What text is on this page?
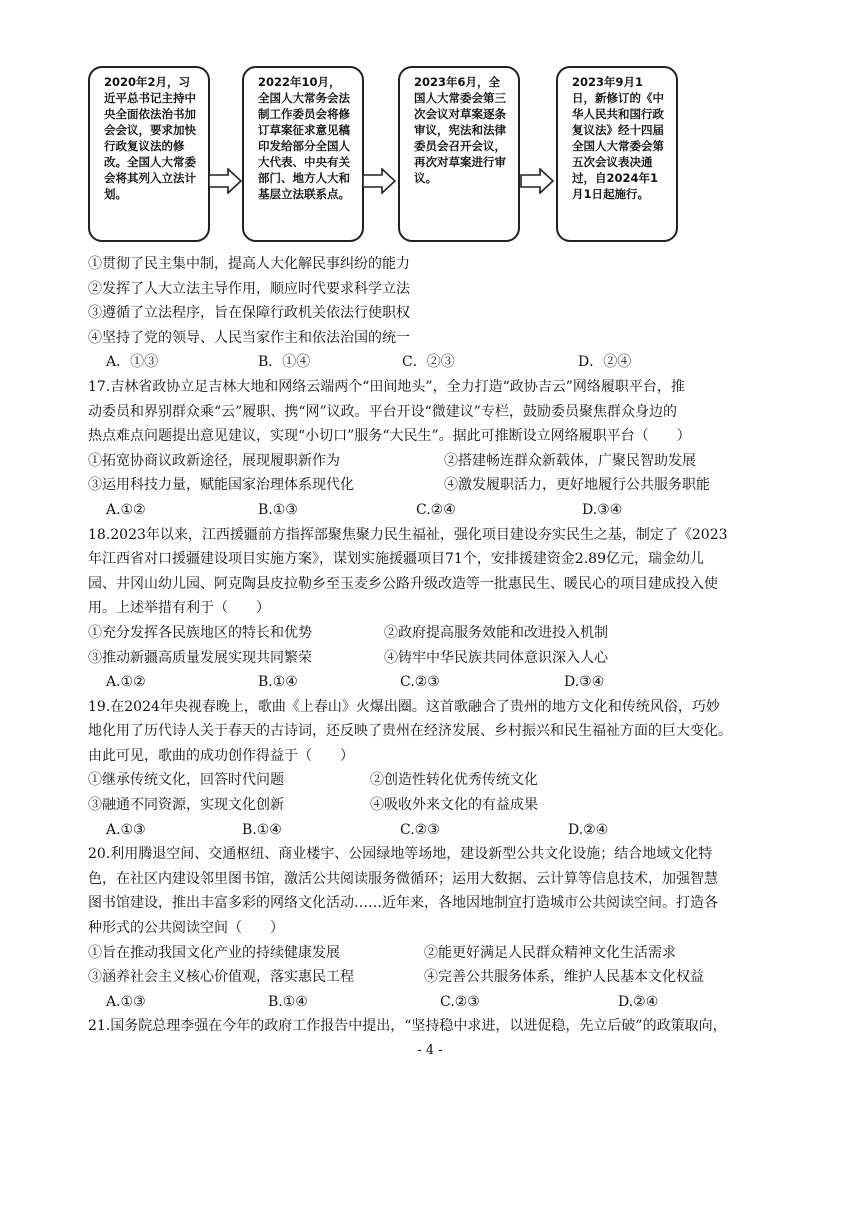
2020年2月，习近平总书记主持中央全面依法治书加会会议，要求加快行政复议法的修改。全国人大常委会将其列入立法计划。
2022年10月，全国人大常务会法制工作委员会将修订草案征求意见稿印发给部分全国人大代表、中央有关部门、地方人大和基层立法联系点。
2023年6月，全国人大常委会第三次会议对草案逐条审议，宪法和法律委员会召开会议，再次对草案进行审议。
2023年9月1日，新修订的《中华人民共和国行政复议法》经十四届全国人大常委会第五次会议表决通过，自2024年1月1日起施行。
①贯彻了民主集中制，提高人大化解民事纠纷的能力
②发挥了人大立法主导作用，顺应时代要求科学立法
③遵循了立法程序，旨在保障行政机关依法行使职权
④坚持了党的领导、人民当家作主和依法治国的统一
A．①③	B．①④	C．②③	D．②④
17.吉林省政协立足吉林大地和网络云端两个“田间地头”，全力打造“政协吉云”网络履职平台，推
动委员和界别群众乘“云”履职、携“网”议政。平台开设“微建议”专栏，鼓励委员聚焦群众身边的
热点难点问题提出意见建议，实现“小切口”服务“大民生”。据此可推断设立网络履职平台（　　）
①拓宽协商议政新途径，展现履职新作为	②搭建畅连群众新载体，广聚民智助发展
③运用科技力量，赋能国家治理体系现代化	④激发履职活力，更好地履行公共服务职能
A.①②	B.①③	C.②④	D.③④
18.2023年以来，江西援疆前方指挥部聚焦聚力民生福祉，强化项目建设夯实民生之基，制定了《2023
年江西省对口援疆建设项目实施方案》，谋划实施援疆项目71个，安排援建资金2.89亿元，瑞金幼儿
园、井冈山幼儿园、阿克陶县皮拉勒乡至玉麦乡公路升级改造等一批惠民生、暖民心的项目建成投入使
用。上述举措有利于（　　）
①充分发挥各民族地区的特长和优势	②政府提高服务效能和改进投入机制
③推动新疆高质量发展实现共同繁荣	④铸牢中华民族共同体意识深入人心
A.①②	B.①④	C.②③	D.③④
19.在2024年央视春晚上，歌曲《上春山》火爆出圈。这首歌融合了贵州的地方文化和传统风俗，巧妙
地化用了历代诗人关于春天的古诗词，还反映了贵州在经济发展、乡村振兴和民生福祉方面的巨大变化。
由此可见，歌曲的成功创作得益于（　　）
①继承传统文化，回答时代问题	②创造性转化优秀传统文化
③融通不同资源，实现文化创新	④吸收外来文化的有益成果
A.①③	B.①④	C.②③	D.②④
20.利用腾退空间、交通枢纽、商业楼宇、公园绿地等场地，建设新型公共文化设施；结合地域文化特
色，在社区内建设邻里图书馆，激活公共阅读服务微循环；运用大数据、云计算等信息技术，加强智慧
图书馆建设，推出丰富多彩的网络文化活动……近年来，各地因地制宜打造城市公共阅读空间。打造各
种形式的公共阅读空间（　　）
①旨在推动我国文化产业的持续健康发展	②能更好满足人民群众精神文化生活需求
③涵养社会主义核心价值观，落实惠民工程	④完善公共服务体系，维护人民基本文化权益
A.①③	B.①④	C.②③	D.②④
21.国务院总理李强在今年的政府工作报告中提出，“坚持稳中求进，以进促稳，先立后破”的政策取向，
- 4 -
